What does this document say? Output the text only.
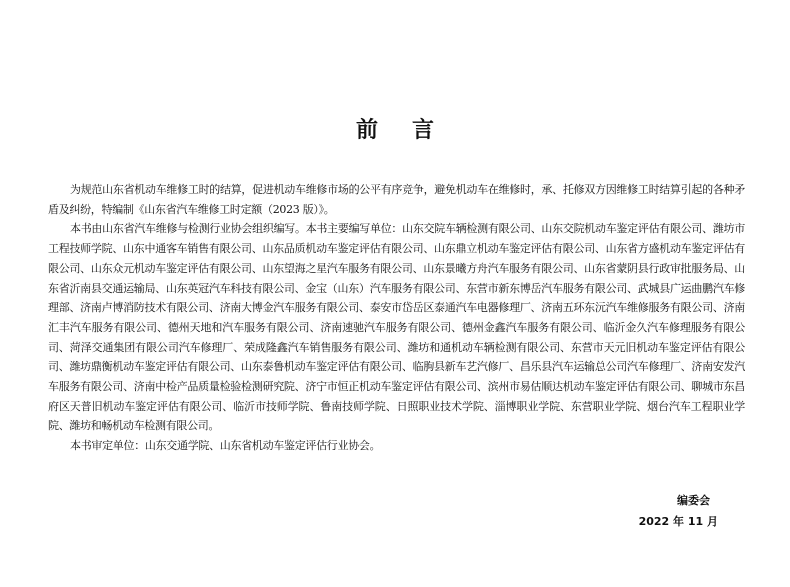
前言

为规范山东省机动车维修工时的结算，促进机动车维修市场的公平有序竞争，避免机动车在维修时，承、托修双方因维修工时结算引起的各种矛盾及纠纷，特编制《山东省汽车维修工时定额（2023 版）》。

本书由山东省汽车维修与检测行业协会组织编写。本书主要编写单位：山东交院车辆检测有限公司、山东交院机动车鉴定评估有限公司、潍坊市工程技师学院、山东中通客车销售有限公司、山东品质机动车鉴定评估有限公司、山东鼎立机动车鉴定评估有限公司、山东省方盛机动车鉴定评估有限公司、山东众元机动车鉴定评估有限公司、山东望海之星汽车服务有限公司、山东景曦方舟汽车服务有限公司、山东省蒙阴县行政审批服务局、山东省沂南县交通运输局、山东英冠汽车科技有限公司、金宝（山东）汽车服务有限公司、东营市新东博岳汽车服务有限公司、武城县广运曲鹏汽车修理部、济南卢博消防技术有限公司、济南大博金汽车服务有限公司、泰安市岱岳区泰通汽车电器修理厂、济南五环东沅汽车维修服务有限公司、济南汇丰汽车服务有限公司、德州天地和汽车服务有限公司、济南速驰汽车服务有限公司、德州金鑫汽车服务有限公司、临沂金久汽车修理服务有限公司、菏泽交通集团有限公司汽车修理厂、荣成隆鑫汽车销售服务有限公司、潍坊和通机动车辆检测有限公司、东营市天元旧机动车鉴定评估有限公司、潍坊鼎衡机动车鉴定评估有限公司、山东泰鲁机动车鉴定评估有限公司、临朐县新车艺汽修厂、昌乐县汽车运输总公司汽车修理厂、济南安发汽车服务有限公司、济南中检产品质量检验检测研究院、济宁市恒正机动车鉴定评估有限公司、滨州市易估顺达机动车鉴定评估有限公司、聊城市东昌府区天普旧机动车鉴定评估有限公司、临沂市技师学院、鲁南技师学院、日照职业技术学院、淄博职业学院、东营职业学院、烟台汽车工程职业学院、潍坊和畅机动车检测有限公司。

本书审定单位：山东交通学院、山东省机动车鉴定评估行业协会。

编委会
2022 年 11 月
